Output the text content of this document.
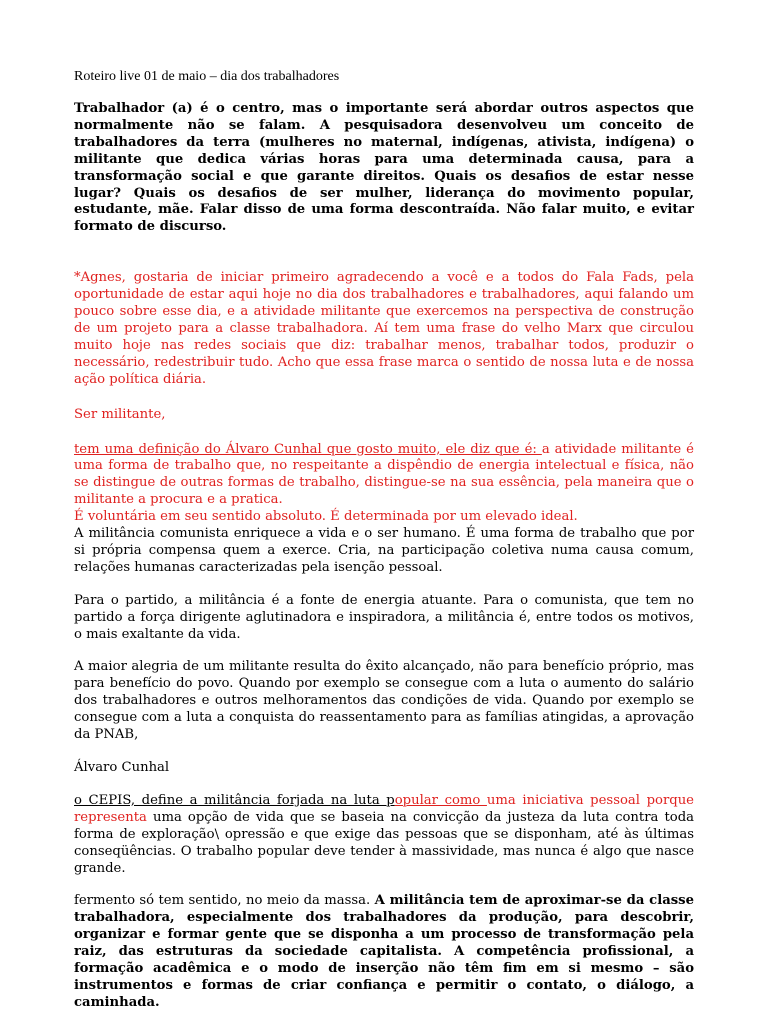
Roteiro live 01 de maio – dia dos trabalhadores

Trabalhador (a) é o centro, mas o importante será abordar outros aspectos que normalmente não se falam. A pesquisadora desenvolveu um conceito de trabalhadores da terra (mulheres no maternal, indígenas, ativista, indígena) o militante que dedica várias horas para uma determinada causa, para a transformação social e que garante direitos. Quais os desafios de estar nesse lugar? Quais os desafios de ser mulher, liderança do movimento popular, estudante, mãe. Falar disso de uma forma descontraída. Não falar muito, e evitar formato de discurso.

*Agnes, gostaria de iniciar primeiro agradecendo a você e a todos do Fala Fads, pela oportunidade de estar aqui hoje no dia dos trabalhadores e trabalhadores, aqui falando um pouco sobre esse dia, e a atividade militante que exercemos na perspectiva de construção de um projeto para a classe trabalhadora. Aí tem uma frase do velho Marx que circulou muito hoje nas redes sociais que diz: trabalhar menos, trabalhar todos, produzir o necessário, redestribuir tudo. Acho que essa frase marca o sentido de nossa luta e de nossa ação política diária.

Ser militante,

tem uma definição do Álvaro Cunhal que gosto muito, ele diz que é: a atividade militante é uma forma de trabalho que, no respeitante a dispêndio de energia intelectual e física, não se distingue de outras formas de trabalho, distingue-se na sua essência, pela maneira que o militante a procura e a pratica.

É voluntária em seu sentido absoluto. É determinada por um elevado ideal.

A militância comunista enriquece a vida e o ser humano. É uma forma de trabalho que por si própria compensa quem a exerce. Cria, na participação coletiva numa causa comum, relações humanas caracterizadas pela isenção pessoal.

Para o partido, a militância é a fonte de energia atuante. Para o comunista, que tem no partido a força dirigente aglutinadora e inspiradora, a militância é, entre todos os motivos, o mais exaltante da vida.

A maior alegria de um militante resulta do êxito alcançado, não para benefício próprio, mas para benefício do povo. Quando por exemplo se consegue com a luta o aumento do salário dos trabalhadores e outros melhoramentos das condições de vida. Quando por exemplo se consegue com a luta a conquista do reassentamento para as famílias atingidas, a aprovação da PNAB,

Álvaro Cunhal

o CEPIS, define a militância forjada na luta popular como uma iniciativa pessoal porque representa uma opção de vida que se baseia na convicção da justeza da luta contra toda forma de exploração\ opressão e que exige das pessoas que se disponham, até às últimas conseqüências. O trabalho popular deve tender à massividade, mas nunca é algo que nasce grande.

fermento só tem sentido, no meio da massa. A militância tem de aproximar-se da classe trabalhadora, especialmente dos trabalhadores da produção, para descobrir, organizar e formar gente que se disponha a um processo de transformação pela raiz, das estruturas da sociedade capitalista. A competência profissional, a formação acadêmica e o modo de inserção não têm fim em si mesmo – são instrumentos e formas de criar confiança e permitir o contato, o diálogo, a caminhada.
